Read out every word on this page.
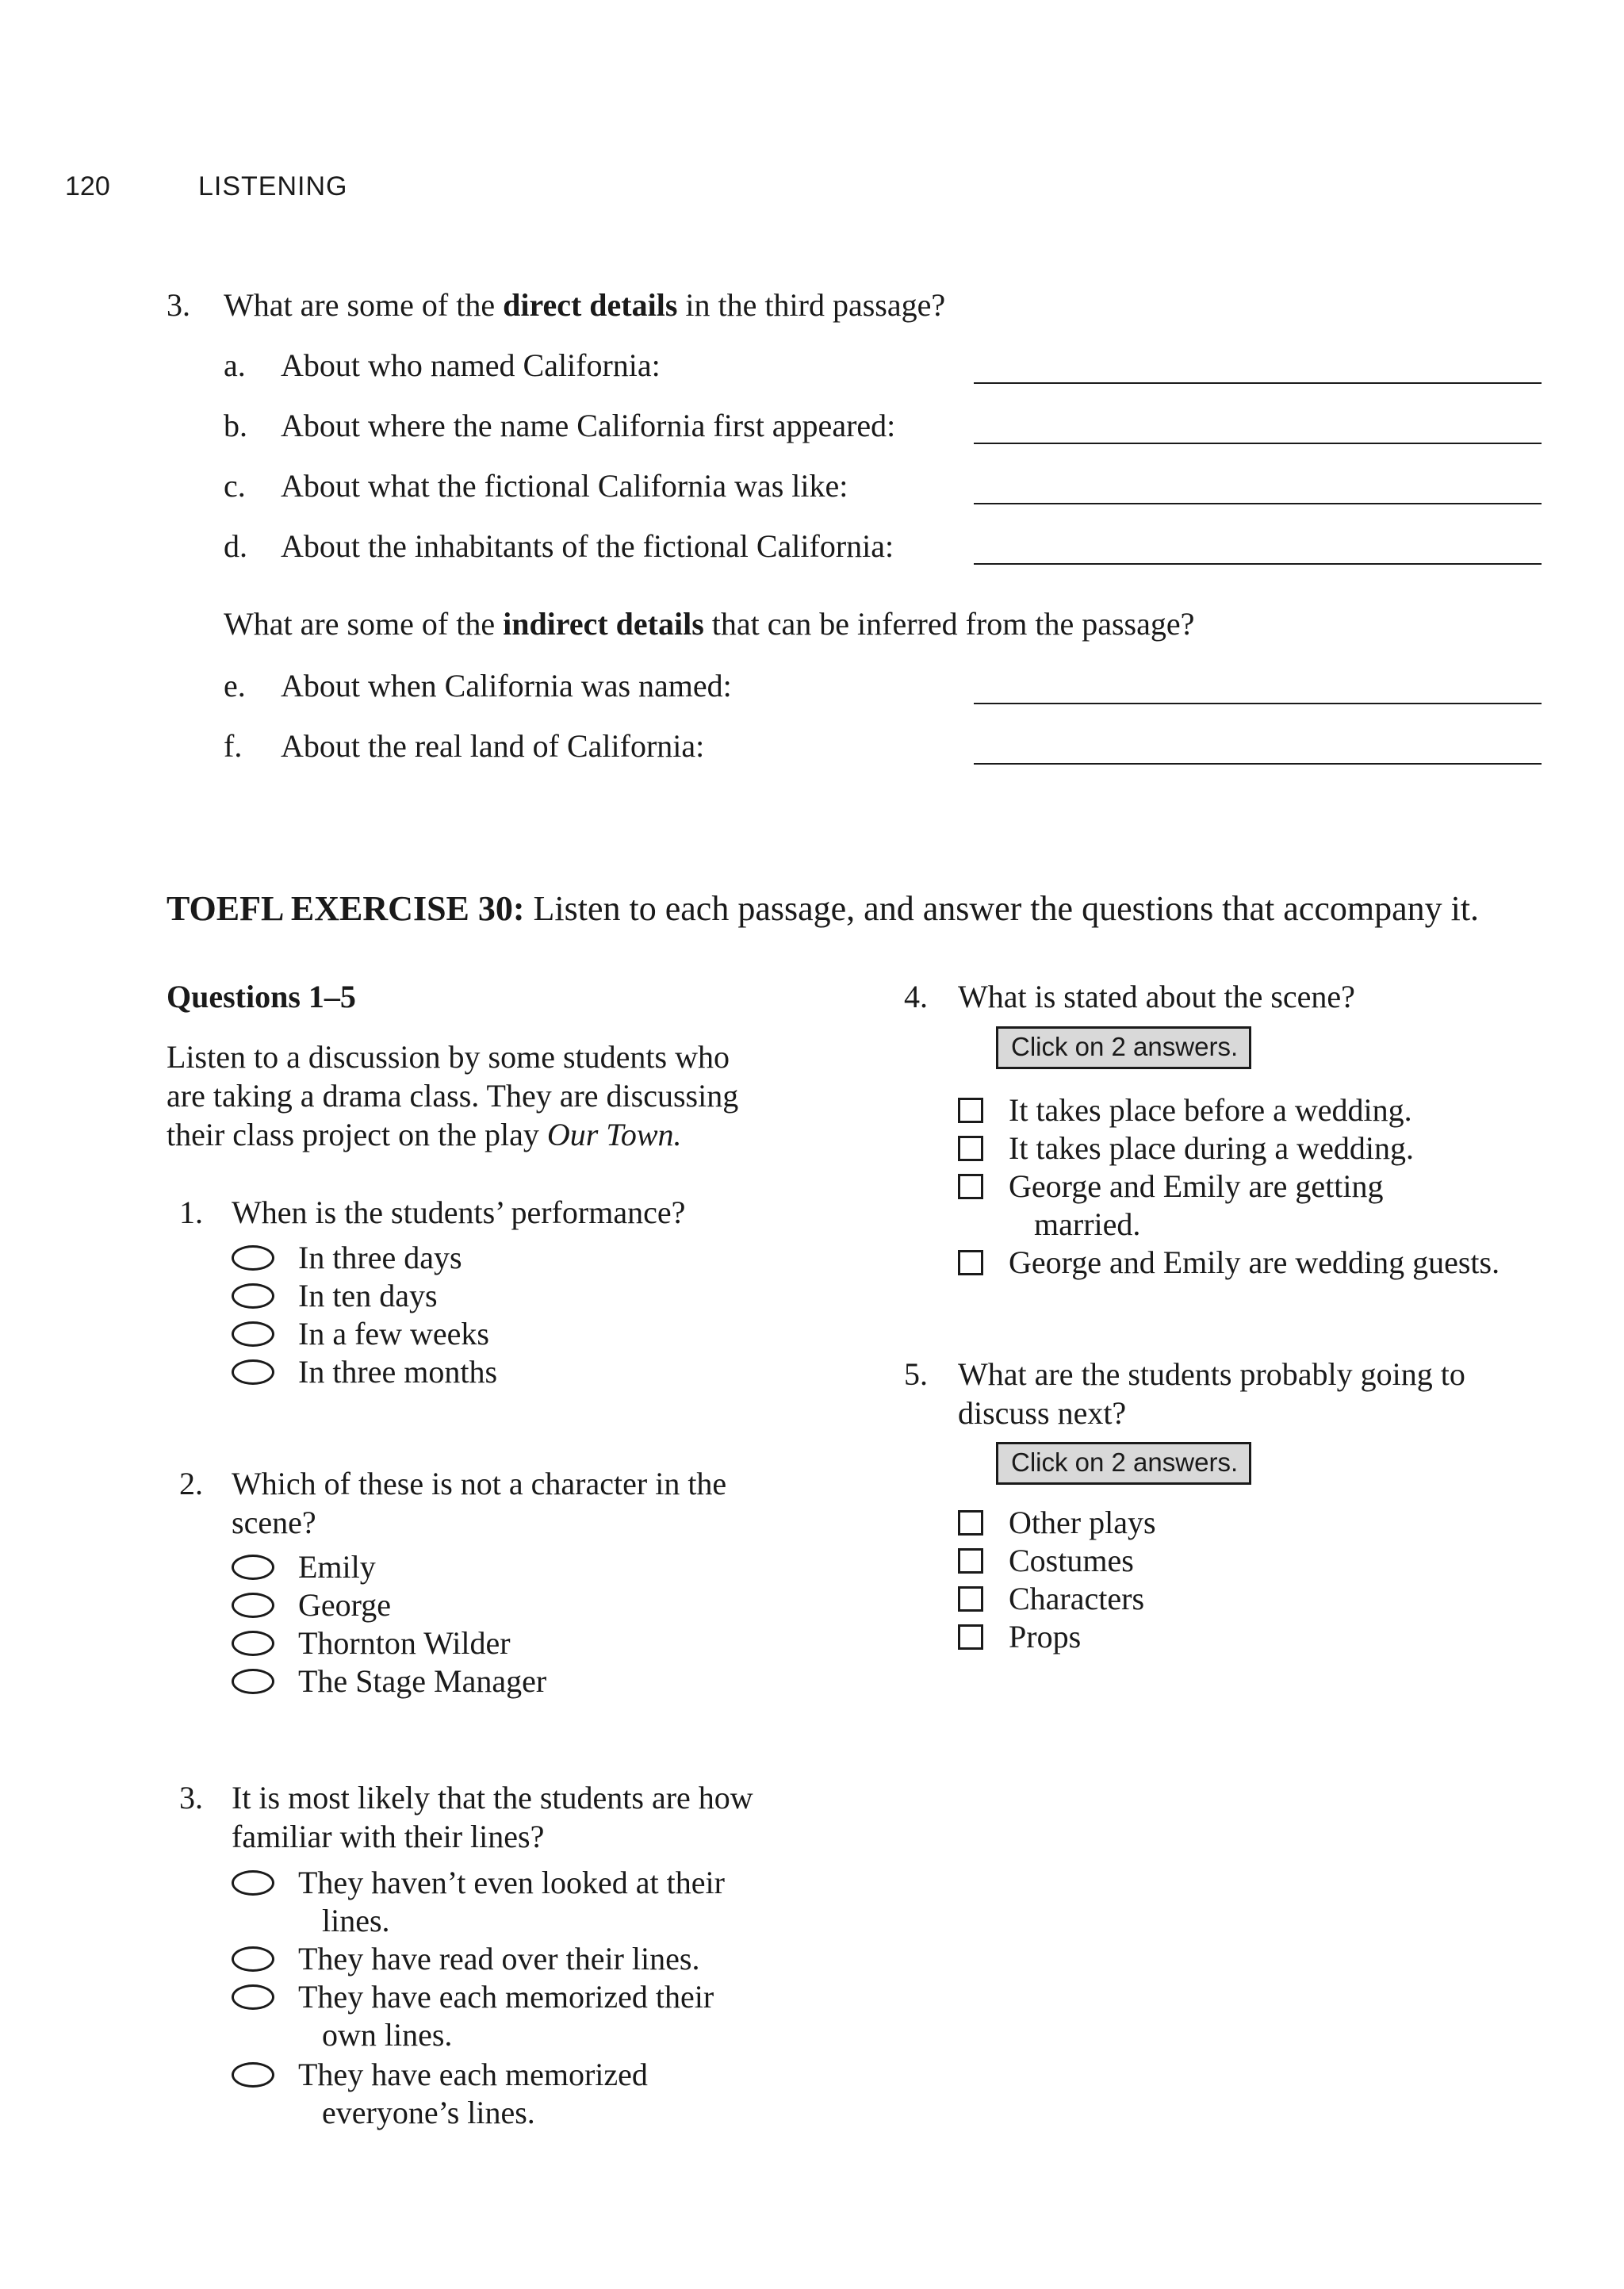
120	LISTENING
3. What are some of the direct details in the third passage?
a. About who named California:
b. About where the name California first appeared:
c. About what the fictional California was like:
d. About the inhabitants of the fictional California:
What are some of the indirect details that can be inferred from the passage?
e. About when California was named:
f. About the real land of California:
TOEFL EXERCISE 30: Listen to each passage, and answer the questions that accompany it.
Questions 1–5
Listen to a discussion by some students who
are taking a drama class. They are discussing
their class project on the play Our Town.
1. When is the students’ performance?
In three days
In ten days
In a few weeks
In three months
2. Which of these is not a character in the
scene?
Emily
George
Thornton Wilder
The Stage Manager
3. It is most likely that the students are how
familiar with their lines?
They haven’t even looked at their
lines.
They have read over their lines.
They have each memorized their
own lines.
They have each memorized
everyone’s lines.
4. What is stated about the scene?
Click on 2 answers.
It takes place before a wedding.
It takes place during a wedding.
George and Emily are getting
married.
George and Emily are wedding guests.
5. What are the students probably going to
discuss next?
Click on 2 answers.
Other plays
Costumes
Characters
Props
